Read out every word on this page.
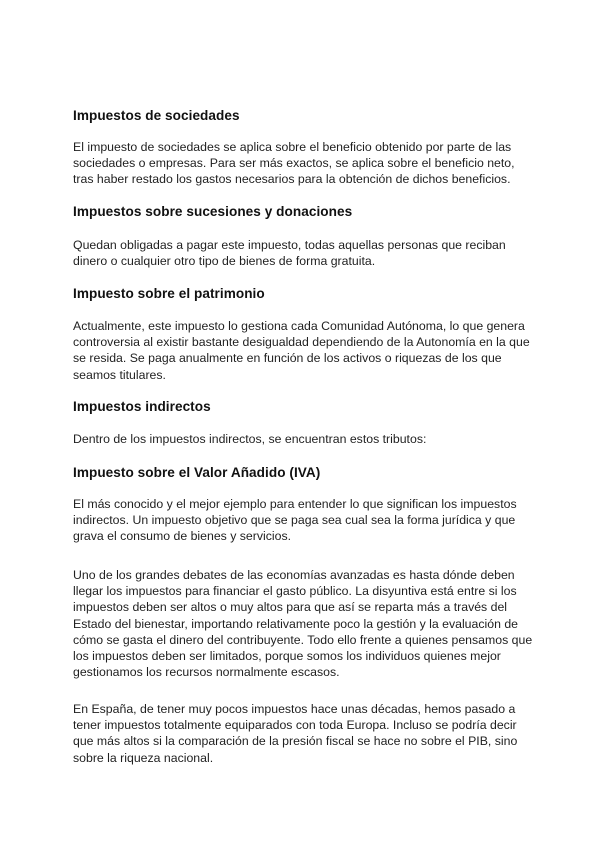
Impuestos de sociedades

El impuesto de sociedades se aplica sobre el beneficio obtenido por parte de las sociedades o empresas. Para ser más exactos, se aplica sobre el beneficio neto, tras haber restado los gastos necesarios para la obtención de dichos beneficios.

Impuestos sobre sucesiones y donaciones

Quedan obligadas a pagar este impuesto, todas aquellas personas que reciban dinero o cualquier otro tipo de bienes de forma gratuita.

Impuesto sobre el patrimonio

Actualmente, este impuesto lo gestiona cada Comunidad Autónoma, lo que genera controversia al existir bastante desigualdad dependiendo de la Autonomía en la que se resida. Se paga anualmente en función de los activos o riquezas de los que seamos titulares.

Impuestos indirectos

Dentro de los impuestos indirectos, se encuentran estos tributos:

Impuesto sobre el Valor Añadido (IVA)

El más conocido y el mejor ejemplo para entender lo que significan los impuestos indirectos. Un impuesto objetivo que se paga sea cual sea la forma jurídica y que grava el consumo de bienes y servicios.

Uno de los grandes debates de las economías avanzadas es hasta dónde deben llegar los impuestos para financiar el gasto público. La disyuntiva está entre si los impuestos deben ser altos o muy altos para que así se reparta más a través del Estado del bienestar, importando relativamente poco la gestión y la evaluación de cómo se gasta el dinero del contribuyente. Todo ello frente a quienes pensamos que los impuestos deben ser limitados, porque somos los individuos quienes mejor gestionamos los recursos normalmente escasos.

En España, de tener muy pocos impuestos hace unas décadas, hemos pasado a tener impuestos totalmente equiparados con toda Europa. Incluso se podría decir que más altos si la comparación de la presión fiscal se hace no sobre el PIB, sino sobre la riqueza nacional.
